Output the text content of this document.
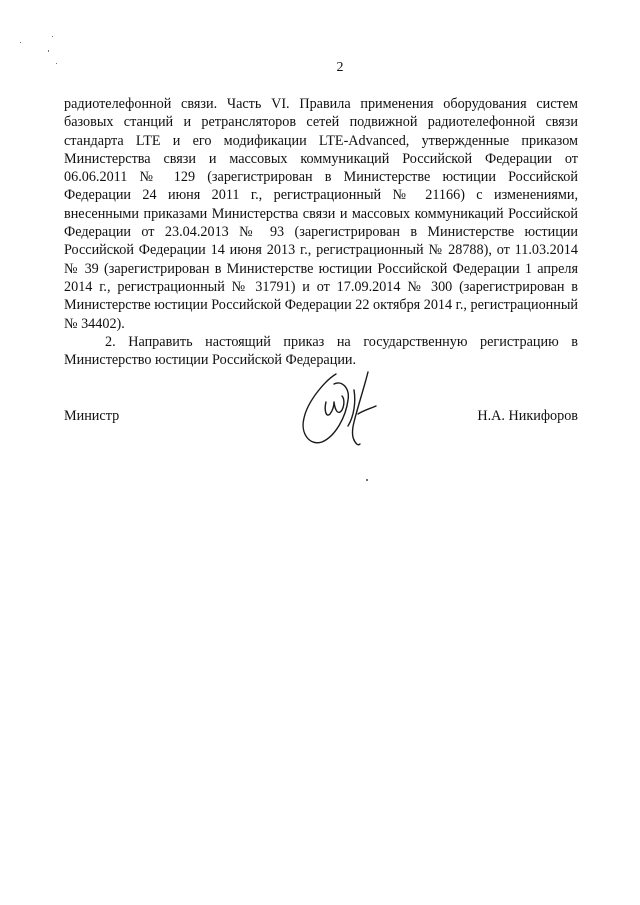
2

радиотелефонной связи. Часть VI. Правила применения оборудования систем базовых станций и ретрансляторов сетей подвижной радиотелефонной связи стандарта LTE и его модификации LTE-Advanced, утвержденные приказом Министерства связи и массовых коммуникаций Российской Федерации от 06.06.2011 № 129 (зарегистрирован в Министерстве юстиции Российской Федерации 24 июня 2011 г., регистрационный № 21166) с изменениями, внесенными приказами Министерства связи и массовых коммуникаций Российской Федерации от 23.04.2013 № 93 (зарегистрирован в Министерстве юстиции Российской Федерации 14 июня 2013 г., регистрационный № 28788), от 11.03.2014 № 39 (зарегистрирован в Министерстве юстиции Российской Федерации 1 апреля 2014 г., регистрационный № 31791) и от 17.09.2014 № 300 (зарегистрирован в Министерстве юстиции Российской Федерации 22 октября 2014 г., регистрационный № 34402).

2. Направить настоящий приказ на государственную регистрацию в Министерство юстиции Российской Федерации.

Министр	Н.А. Никифоров
